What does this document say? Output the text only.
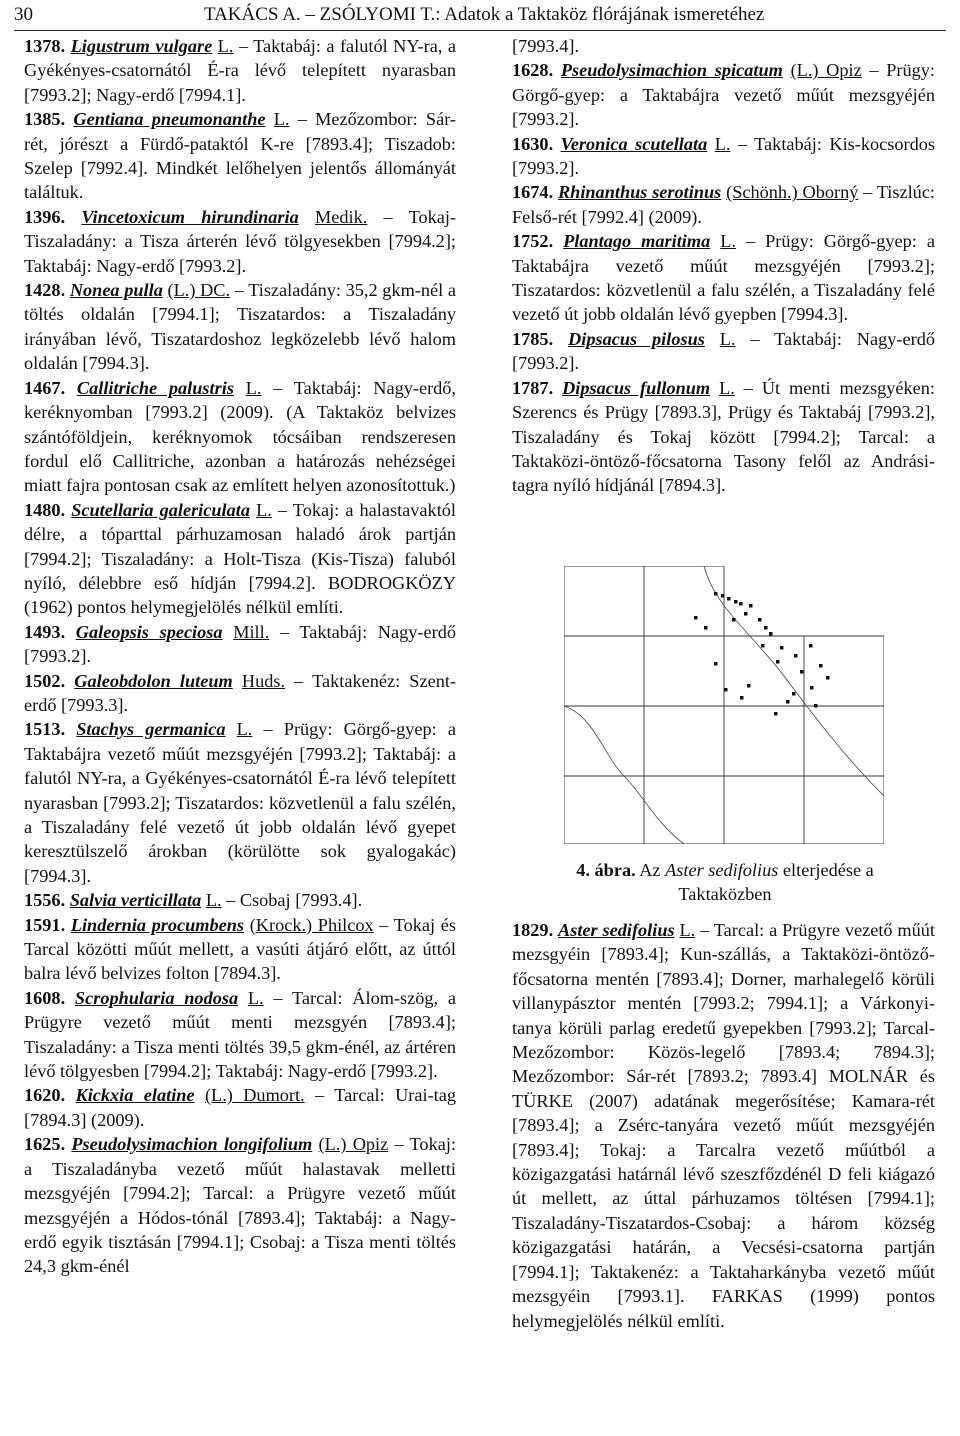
30	TAKÁCS A. – ZSÓLYOMI T.: Adatok a Taktaköz flórájának ismeretéhez

1378. Ligustrum vulgare L. – Taktabáj: a falutól NY-ra, a Gyékényes-csatornától É-ra lévő telepített nyarasban [7993.2]; Nagy-erdő [7994.1].

1385. Gentiana pneumonanthe L. – Mezőzombor: Sár-rét, jórészt a Fürdő-pataktól K-re [7893.4]; Tiszadob: Szelep [7992.4]. Mindkét lelőhelyen jelentős állományát találtuk.

1396. Vincetoxicum hirundinaria Medik. – Tokaj-Tiszaladány: a Tisza árterén lévő tölgyesekben [7994.2]; Taktabáj: Nagy-erdő [7993.2].

1428. Nonea pulla (L.) DC. – Tiszaladány: 35,2 gkm-nél a töltés oldalán [7994.1]; Tiszatardos: a Tiszaladány irányában lévő, Tiszatardoshoz legközelebb lévő halom oldalán [7994.3].

1467. Callitriche palustris L. – Taktabáj: Nagy-erdő, keréknyomban [7993.2] (2009). (A Taktaköz belvizes szántóföldjein, keréknyomok tócsáiban rendszeresen fordul elő Callitriche, azonban a határozás nehézségei miatt fajra pontosan csak az említett helyen azonosítottuk.)

1480. Scutellaria galericulata L. – Tokaj: a halastavaktól délre, a tóparttal párhuzamosan haladó árok partján [7994.2]; Tiszaladány: a Holt-Tisza (Kis-Tisza) faluból nyíló, délebbre eső hídján [7994.2]. BODROGKÖZY (1962) pontos helymegjelölés nélkül említi.

1493. Galeopsis speciosa Mill. – Taktabáj: Nagy-erdő [7993.2].

1502. Galeobdolon luteum Huds. – Taktakenéz: Szent-erdő [7993.3].

1513. Stachys germanica L. – Prügy: Görgő-gyep: a Taktabájra vezető műút mezsgyéjén [7993.2]; Taktabáj: a falutól NY-ra, a Gyékényes-csatornától É-ra lévő telepített nyarasban [7993.2]; Tiszatardos: közvetlenül a falu szélén, a Tiszaladány felé vezető út jobb oldalán lévő gyepet keresztülszelő árokban (körülötte sok gyalogakác) [7994.3].

1556. Salvia verticillata L. – Csobaj [7993.4].

1591. Lindernia procumbens (Krock.) Philcox – Tokaj és Tarcal közötti műút mellett, a vasúti átjáró előtt, az úttól balra lévő belvizes folton [7894.3].

1608. Scrophularia nodosa L. – Tarcal: Álom-szög, a Prügyre vezető műút menti mezsgyén [7893.4]; Tiszaladány: a Tisza menti töltés 39,5 gkm-énél, az ártéren lévő tölgyesben [7994.2]; Taktabáj: Nagy-erdő [7993.2].

1620. Kickxia elatine (L.) Dumort. – Tarcal: Urai-tag [7894.3] (2009).

1625. Pseudolysimachion longifolium (L.) Opiz – Tokaj: a Tiszaladányba vezető műút halastavak melletti mezsgyéjén [7994.2]; Tarcal: a Prügyre vezető műút mezsgyéjén a Hódos-tónál [7893.4]; Taktabáj: a Nagy-erdő egyik tisztásán [7994.1]; Csobaj: a Tisza menti töltés 24,3 gkm-énél

[7993.4].

1628. Pseudolysimachion spicatum (L.) Opiz – Prügy: Görgő-gyep: a Taktabájra vezető műút mezsgyéjén [7993.2].

1630. Veronica scutellata L. – Taktabáj: Kis-kocsordos [7993.2].

1674. Rhinanthus serotinus (Schönh.) Oborný – Tiszlúc: Felső-rét [7992.4] (2009).

1752. Plantago maritima L. – Prügy: Görgő-gyep: a Taktabájra vezető műút mezsgyéjén [7993.2]; Tiszatardos: közvetlenül a falu szélén, a Tiszaladány felé vezető út jobb oldalán lévő gyepben [7994.3].

1785. Dipsacus pilosus L. – Taktabáj: Nagy-erdő [7993.2].

1787. Dipsacus fullonum L. – Út menti mezsgyéken: Szerencs és Prügy [7893.3], Prügy és Taktabáj [7993.2], Tiszaladány és Tokaj között [7994.2]; Tarcal: a Taktaközi-öntöző-főcsatorna Tasony felől az Andrási-tagra nyíló hídjánál [7894.3].

4. ábra. Az Aster sedifolius elterjedése a Taktaközben

1829. Aster sedifolius L. – Tarcal: a Prügyre vezető műút mezsgyéin [7893.4]; Kun-szállás, a Taktaközi-öntöző-főcsatorna mentén [7893.4]; Dorner, marhalegelő körüli villanypásztor mentén [7993.2; 7994.1]; a Várkonyi-tanya körüli parlag eredetű gyepekben [7993.2]; Tarcal-Mezőzombor: Közös-legelő [7893.4; 7894.3]; Mezőzombor: Sár-rét [7893.2; 7893.4] MOLNÁR és TÜRKE (2007) adatának megerősítése; Kamara-rét [7893.4]; a Zsérc-tanyára vezető műút mezsgyéjén [7893.4]; Tokaj: a Tarcalra vezető műútból a közigazgatási határnál lévő szeszfőzdénél D feli kiágazó út mellett, az úttal párhuzamos töltésen [7994.1]; Tiszaladány-Tiszatardos-Csobaj: a három község közigazgatási határán, a Vecsési-csatorna partján [7994.1]; Taktakenéz: a Taktaharkányba vezető műút mezsgyéin [7993.1]. FARKAS (1999) pontos helymegjelölés nélkül említi.
